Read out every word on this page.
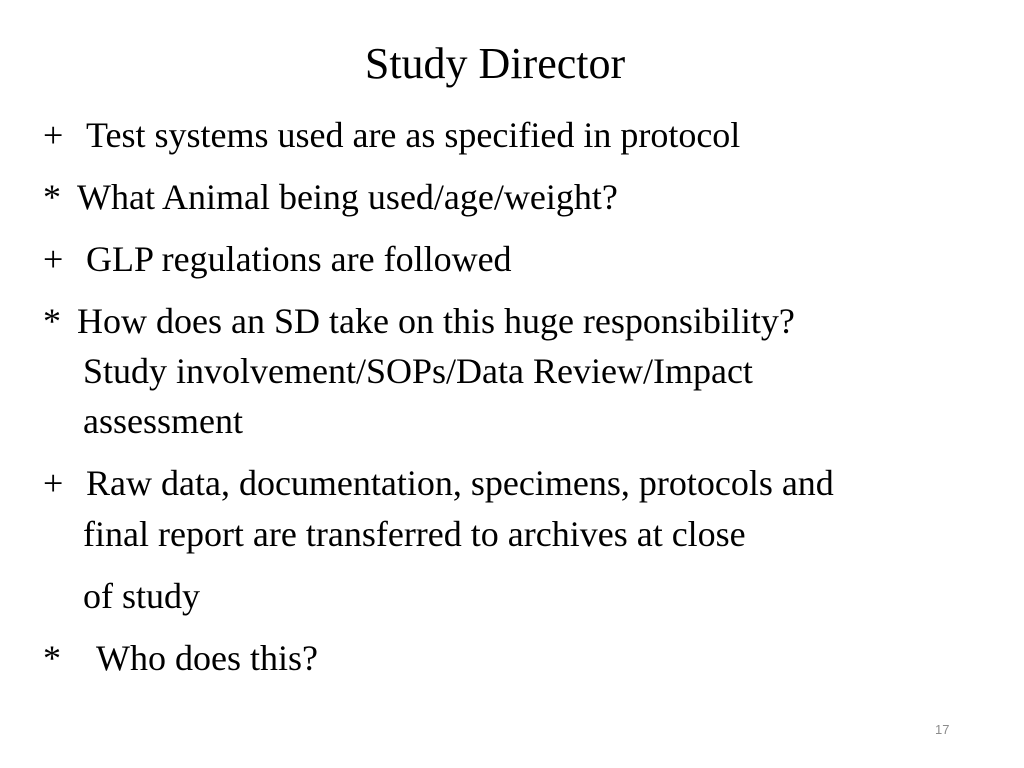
Study Director
+ Test systems used are as specified in protocol
* What Animal being used/age/weight?
+ GLP regulations are followed
* How does an SD take on this huge responsibility?
Study involvement/SOPs/Data Review/Impact
assessment
+ Raw data, documentation, specimens, protocols and
final report are transferred to archives at close
of study
* Who does this?
17
